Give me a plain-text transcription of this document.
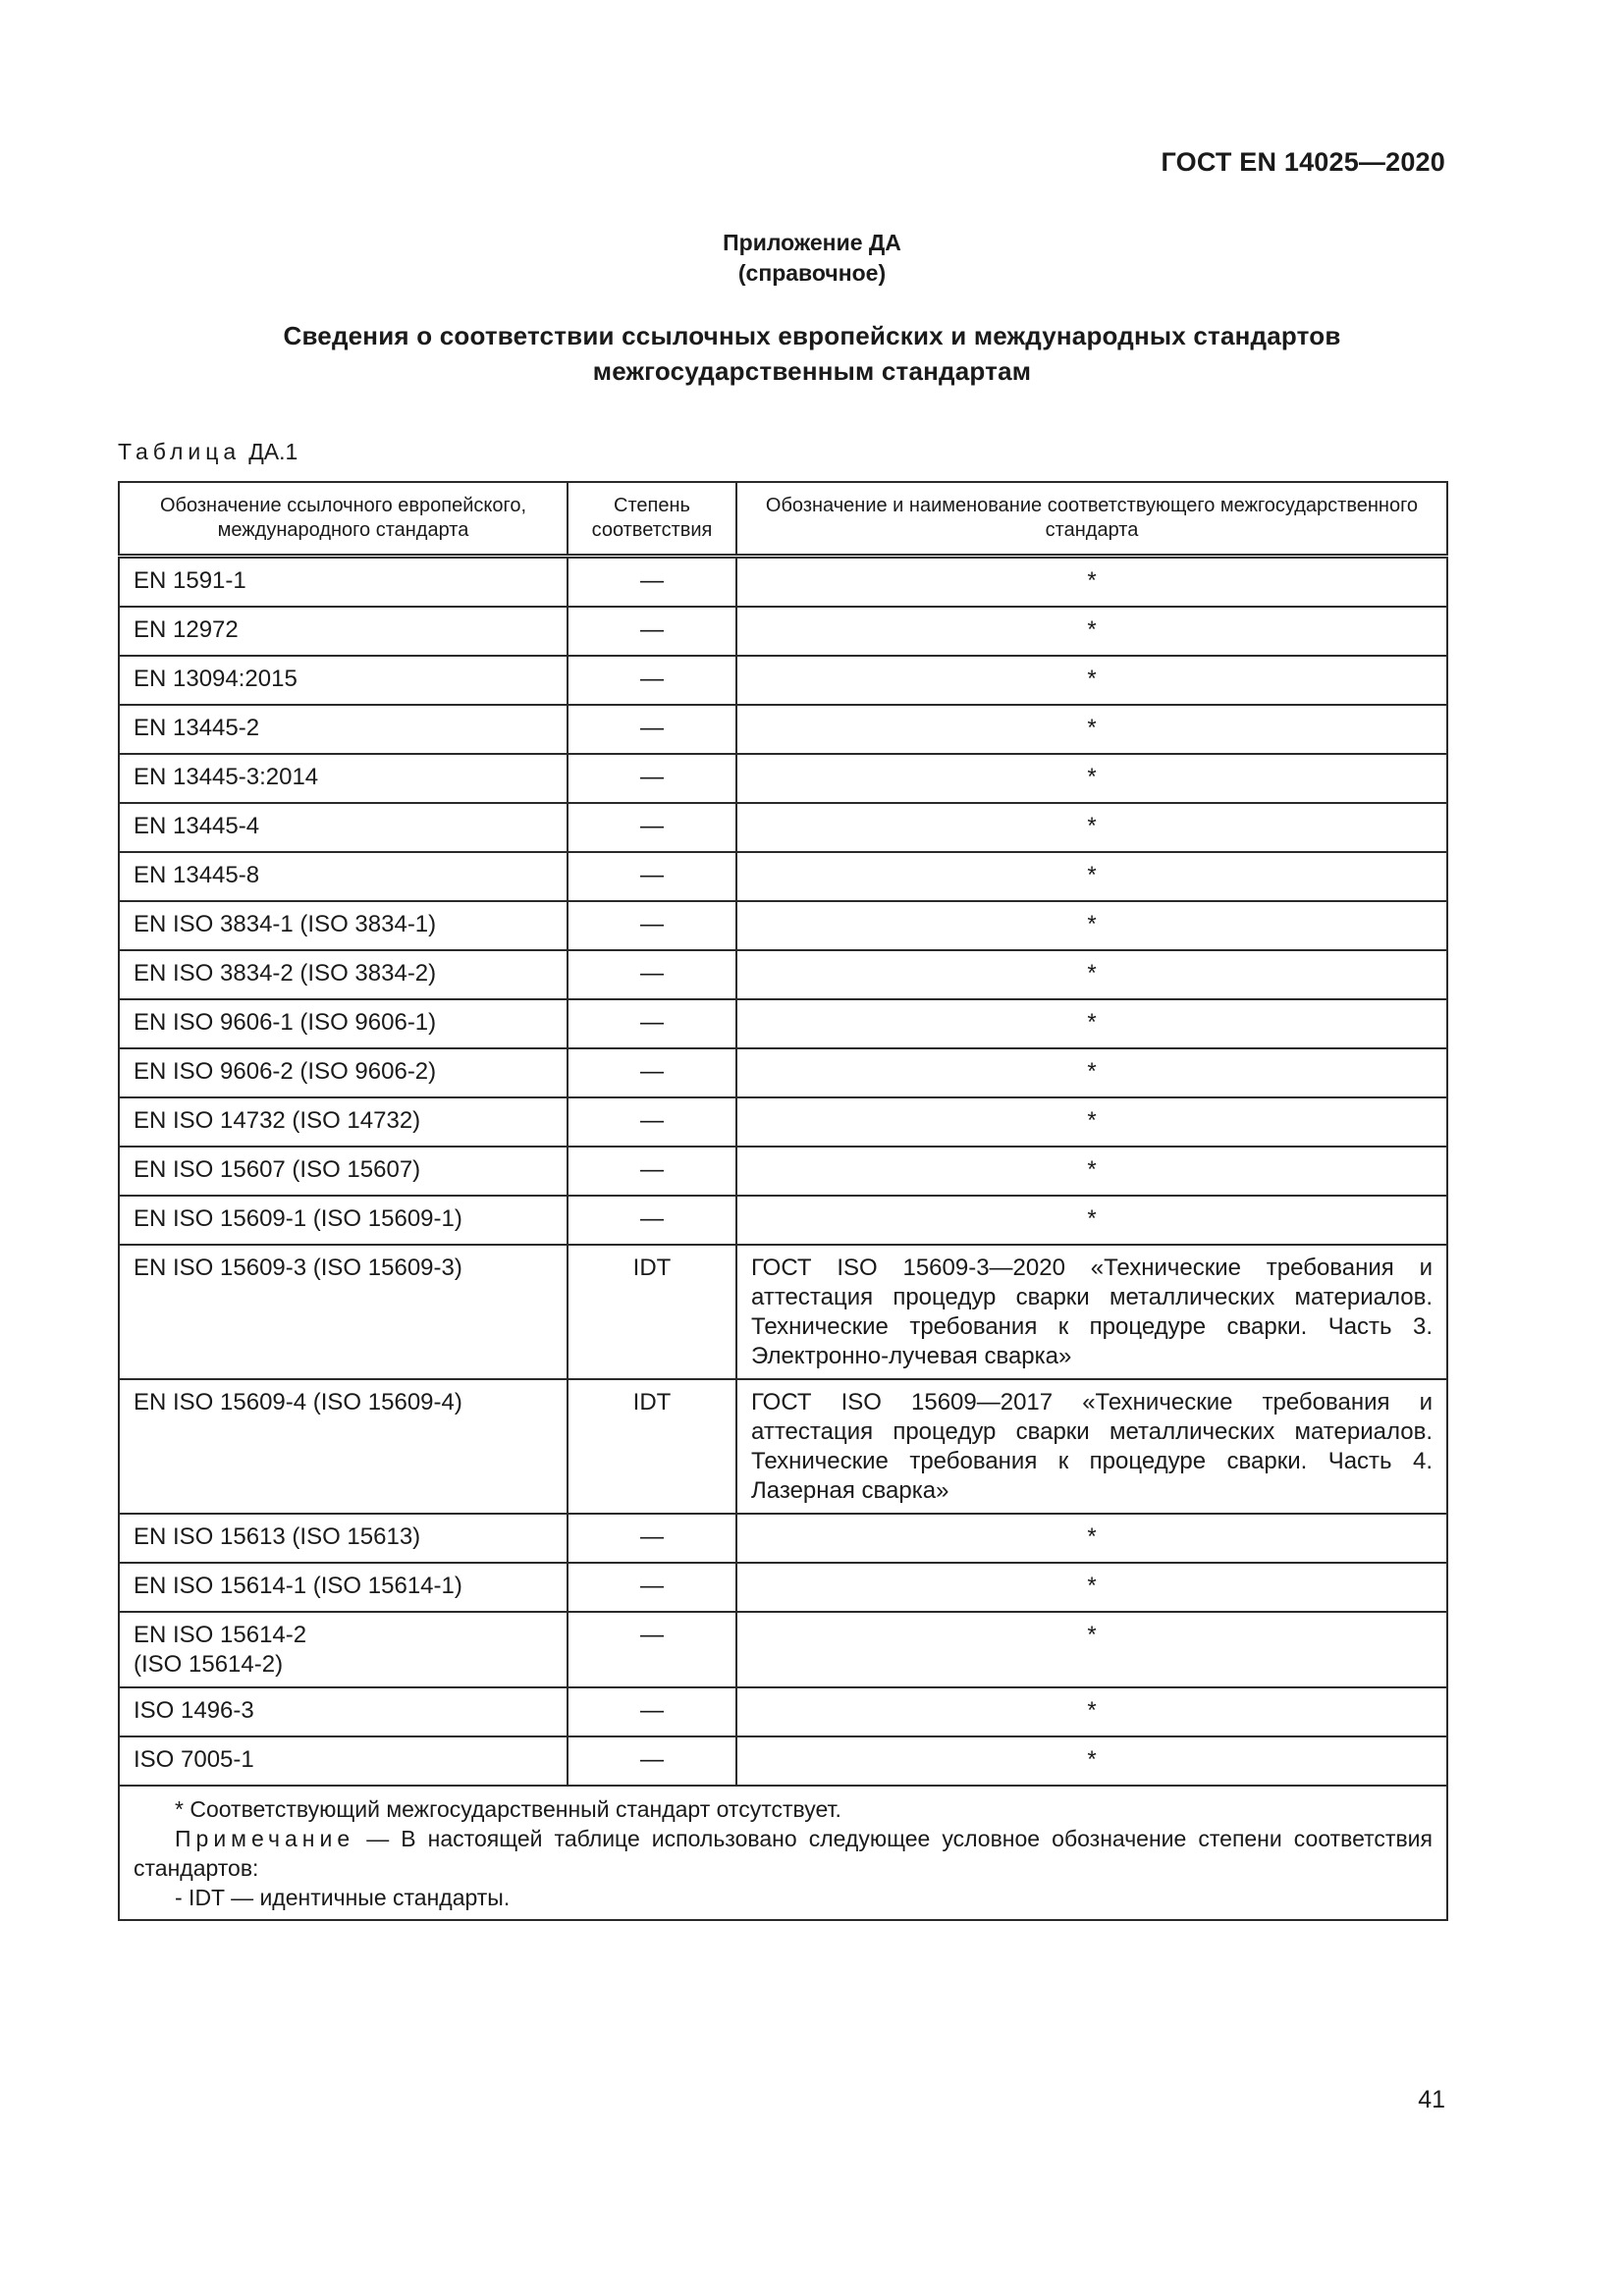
ГОСТ EN 14025—2020
Приложение ДА
(справочное)
Сведения о соответствии ссылочных европейских и международных стандартов
межгосударственным стандартам
Таблица ДА.1
Обозначение ссылочного европейского, международного стандарта	Степень соответствия	Обозначение и наименование соответствующего межгосударственного стандарта
EN 1591-1	—	*
EN 12972	—	*
EN 13094:2015	—	*
EN 13445-2	—	*
EN 13445-3:2014	—	*
EN 13445-4	—	*
EN 13445-8	—	*
EN ISO 3834-1 (ISO 3834-1)	—	*
EN ISO 3834-2 (ISO 3834-2)	—	*
EN ISO 9606-1 (ISO 9606-1)	—	*
EN ISO 9606-2 (ISO 9606-2)	—	*
EN ISO 14732 (ISO 14732)	—	*
EN ISO 15607 (ISO 15607)	—	*
EN ISO 15609-1 (ISO 15609-1)	—	*
EN ISO 15609-3 (ISO 15609-3)	IDT	ГОСТ ISO 15609-3—2020 «Технические требования и аттестация процедур сварки металлических материалов. Технические требования к процедуре сварки. Часть 3. Электронно-лучевая сварка»
EN ISO 15609-4 (ISO 15609-4)	IDT	ГОСТ ISO 15609—2017 «Технические требования и аттестация процедур сварки металлических материалов. Технические требования к процедуре сварки. Часть 4. Лазерная сварка»
EN ISO 15613 (ISO 15613)	—	*
EN ISO 15614-1 (ISO 15614-1)	—	*
EN ISO 15614-2
(ISO 15614-2)	—	*
ISO 1496-3	—	*
ISO 7005-1	—	*

* Соответствующий межгосударственный стандарт отсутствует.
Примечание — В настоящей таблице использовано следующее условное обозначение степени соответствия стандартов:
- IDT — идентичные стандарты.		
41
